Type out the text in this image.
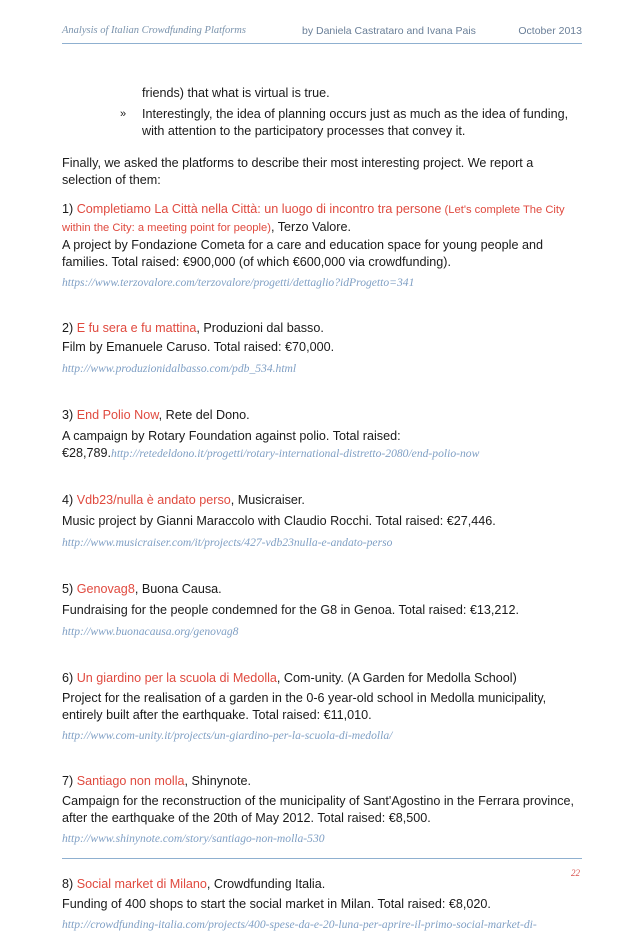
Analysis of Italian Crowdfunding Platforms	by Daniela Castrataro and Ivana Pais	October 2013

friends) that what is virtual is true.

» Interestingly, the idea of planning occurs just as much as the idea of funding, with attention to the participatory processes that convey it.

Finally, we asked the platforms to describe their most interesting project. We report a selection of them:

1) Completiamo La Città nella Città: un luogo di incontro tra persone (Let's complete The City within the City: a meeting point for people), Terzo Valore.

A project by Fondazione Cometa for a care and education space for young people and families. Total raised: €900,000 (of which €600,000 via crowdfunding).

https://www.terzovalore.com/terzovalore/progetti/dettaglio?idProgetto=341

2) E fu sera e fu mattina, Produzioni dal basso.

Film by Emanuele Caruso. Total raised: €70,000.

http://www.produzionidalbasso.com/pdb_534.html

3) End Polio Now, Rete del Dono.

A campaign by Rotary Foundation against polio. Total raised: €28,789.http://retedeldono.it/progetti/rotary-international-distretto-2080/end-polio-now

4) Vdb23/nulla è andato perso, Musicraiser.

Music project by Gianni Maraccolo with Claudio Rocchi. Total raised: €27,446.

http://www.musicraiser.com/it/projects/427-vdb23nulla-e-andato-perso

5) Genovag8, Buona Causa.

Fundraising for the people condemned for the G8 in Genoa. Total raised: €13,212.

http://www.buonacausa.org/genovag8

6) Un giardino per la scuola di Medolla, Com-unity. (A Garden for Medolla School)

Project for the realisation of a garden in the 0-6 year-old school in Medolla municipality, entirely built after the earthquake. Total raised: €11,010.

http://www.com-unity.it/projects/un-giardino-per-la-scuola-di-medolla/

7) Santiago non molla, Shinynote.

Campaign for the reconstruction of the municipality of Sant'Agostino in the Ferrara province, after the earthquake of the 20th of May 2012. Total raised: €8,500.

http://www.shinynote.com/story/santiago-non-molla-530

8) Social market di Milano, Crowdfunding Italia.

Funding of 400 shops to start the social market in Milan. Total raised: €8,020.

http://crowdfunding-italia.com/projects/400-spese-da-e-20-luna-per-aprire-il-primo-social-market-di-

22
